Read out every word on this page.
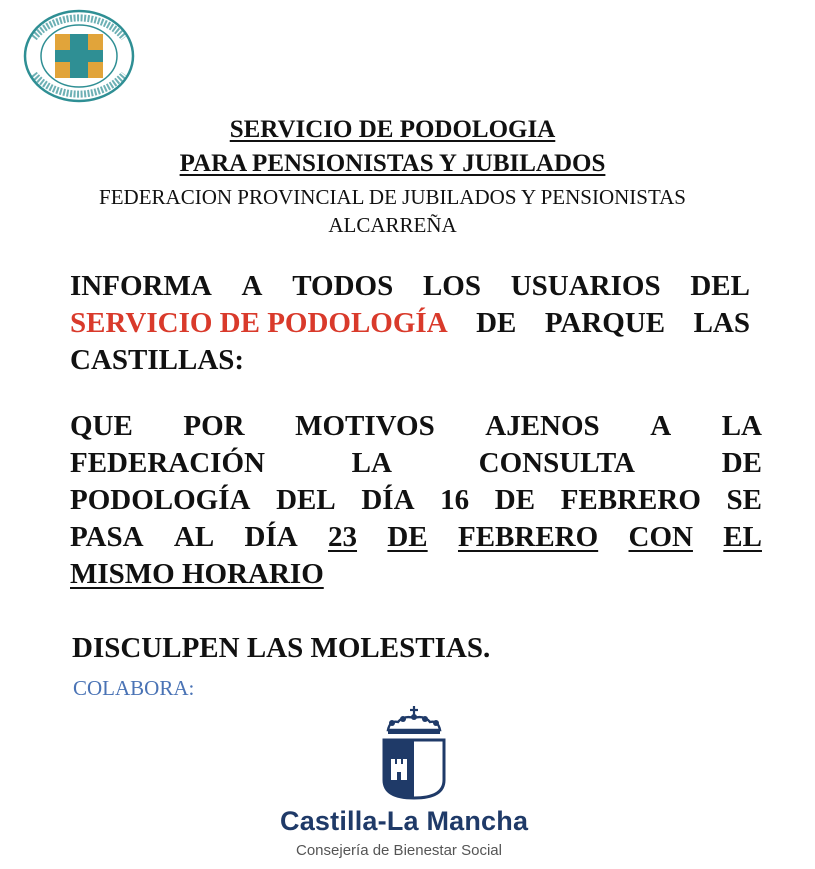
SERVICIO DE PODOLOGIA
PARA PENSIONISTAS Y JUBILADOS
FEDERACION PROVINCIAL DE JUBILADOS Y PENSIONISTAS
ALCARREÑA
INFORMA A TODOS LOS USUARIOS DEL
SERVICIO DE PODOLOGÍA DE PARQUE LAS
CASTILLAS:
QUE POR MOTIVOS AJENOS A LA
FEDERACIÓN	LA	CONSULTA	DE
PODOLOGÍA DEL DÍA 16 DE FEBRERO SE
PASA AL DÍA 23 DE FEBRERO CON EL
MISMO HORARIO
DISCULPEN LAS MOLESTIAS.
COLABORA:
Castilla-La Mancha
Consejería de Bienestar Social
